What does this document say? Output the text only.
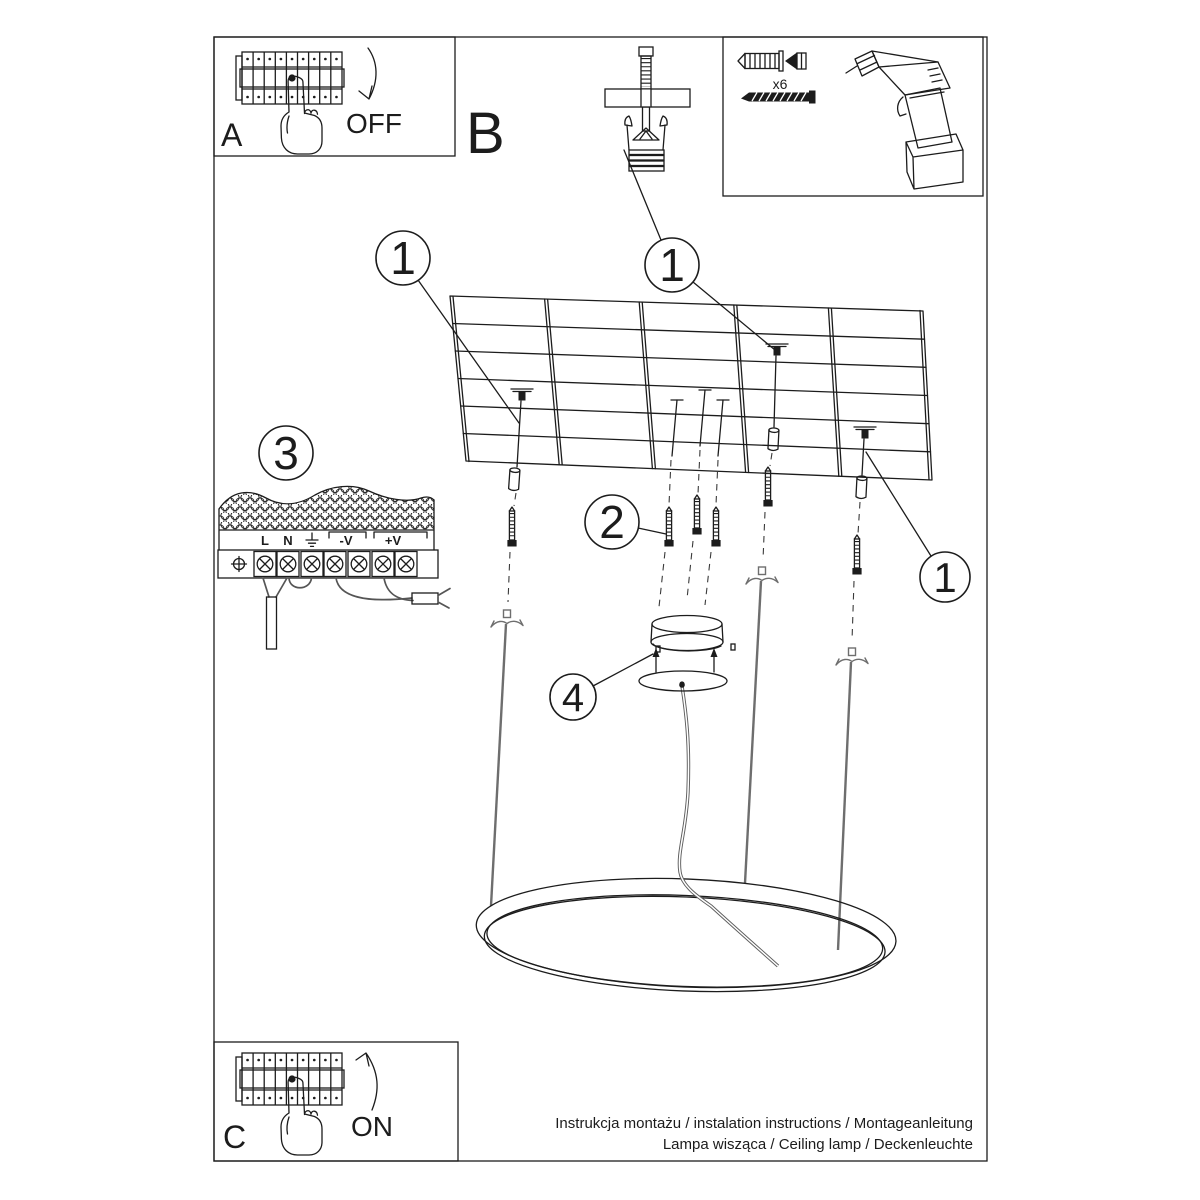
B
1	1
1
2
4
3
L N	-V +V
OFF
A
x6
ON
C	Instrukcja montażu / instalation instructions / Montageanleitung
Lampa wisząca / Ceiling lamp / Deckenleuchte
